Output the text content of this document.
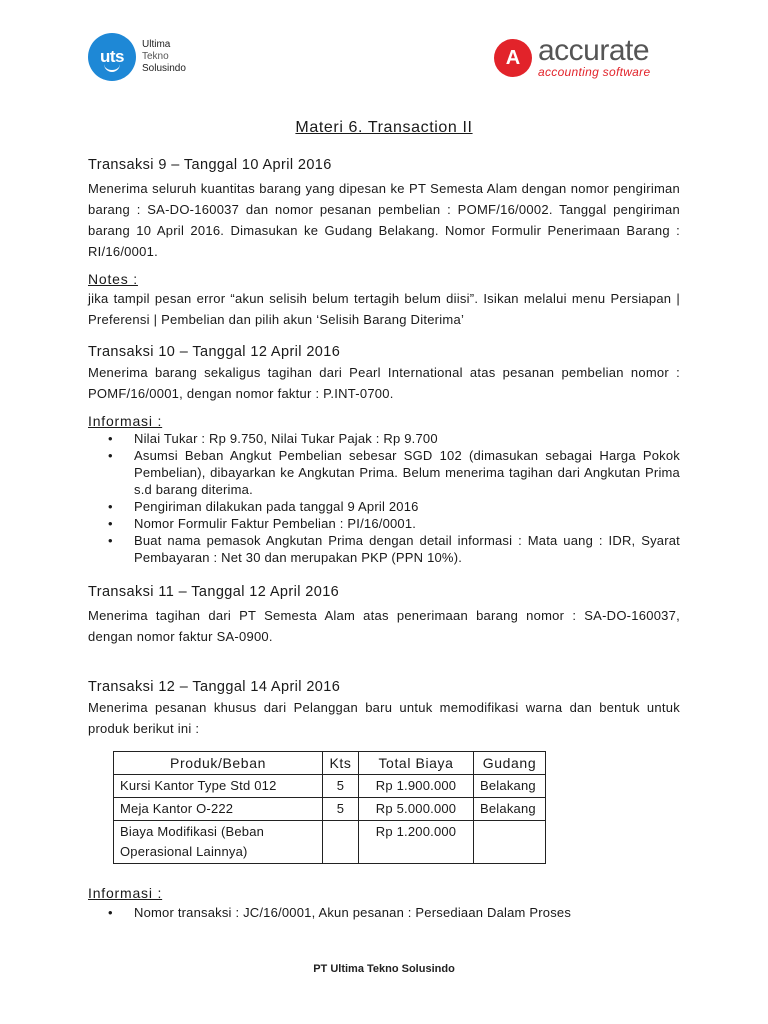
uts
Ultima
Tekno
Solusindo	A accurate
accounting software
Materi 6. Transaction II

Transaksi 9 – Tanggal 10 April 2016

Menerima seluruh kuantitas barang yang dipesan ke PT Semesta Alam dengan nomor pengiriman barang : SA-DO-160037 dan nomor pesanan pembelian : POMF/16/0002. Tanggal pengiriman barang 10 April 2016. Dimasukan ke Gudang Belakang. Nomor Formulir Penerimaan Barang : RI/16/0001.

Notes :

jika tampil pesan error “akun selisih belum tertagih belum diisi”. Isikan melalui menu Persiapan | Preferensi | Pembelian dan pilih akun ‘Selisih Barang Diterima’

Transaksi 10 – Tanggal 12 April 2016

Menerima barang sekaligus tagihan dari Pearl International atas pesanan pembelian nomor : POMF/16/0001, dengan nomor faktur : P.INT-0700.

Informasi :

• Nilai Tukar : Rp 9.750, Nilai Tukar Pajak : Rp 9.700
• Asumsi Beban Angkut Pembelian sebesar SGD 102 (dimasukan sebagai Harga Pokok Pembelian), dibayarkan ke Angkutan Prima. Belum menerima tagihan dari Angkutan Prima s.d barang diterima.
• Pengiriman dilakukan pada tanggal 9 April 2016
• Nomor Formulir Faktur Pembelian : PI/16/0001.
• Buat nama pemasok Angkutan Prima dengan detail informasi : Mata uang : IDR, Syarat Pembayaran : Net 30 dan merupakan PKP (PPN 10%).

Transaksi 11 – Tanggal 12 April 2016

Menerima tagihan dari PT Semesta Alam atas penerimaan barang nomor : SA-DO-160037, dengan nomor faktur SA-0900.

Transaksi 12 – Tanggal 14 April 2016

Menerima pesanan khusus dari Pelanggan baru untuk memodifikasi warna dan bentuk untuk produk berikut ini :

Produk/Beban	Kts	Total Biaya	Gudang
Kursi Kantor Type Std 012	5	Rp 1.900.000	Belakang
Meja Kantor O-222	5	Rp 5.000.000	Belakang
Biaya Modifikasi (Beban Operasional Lainnya)		Rp 1.200.000	

Informasi :

• Nomor transaksi : JC/16/0001, Akun pesanan : Persediaan Dalam Proses
PT Ultima Tekno Solusindo
